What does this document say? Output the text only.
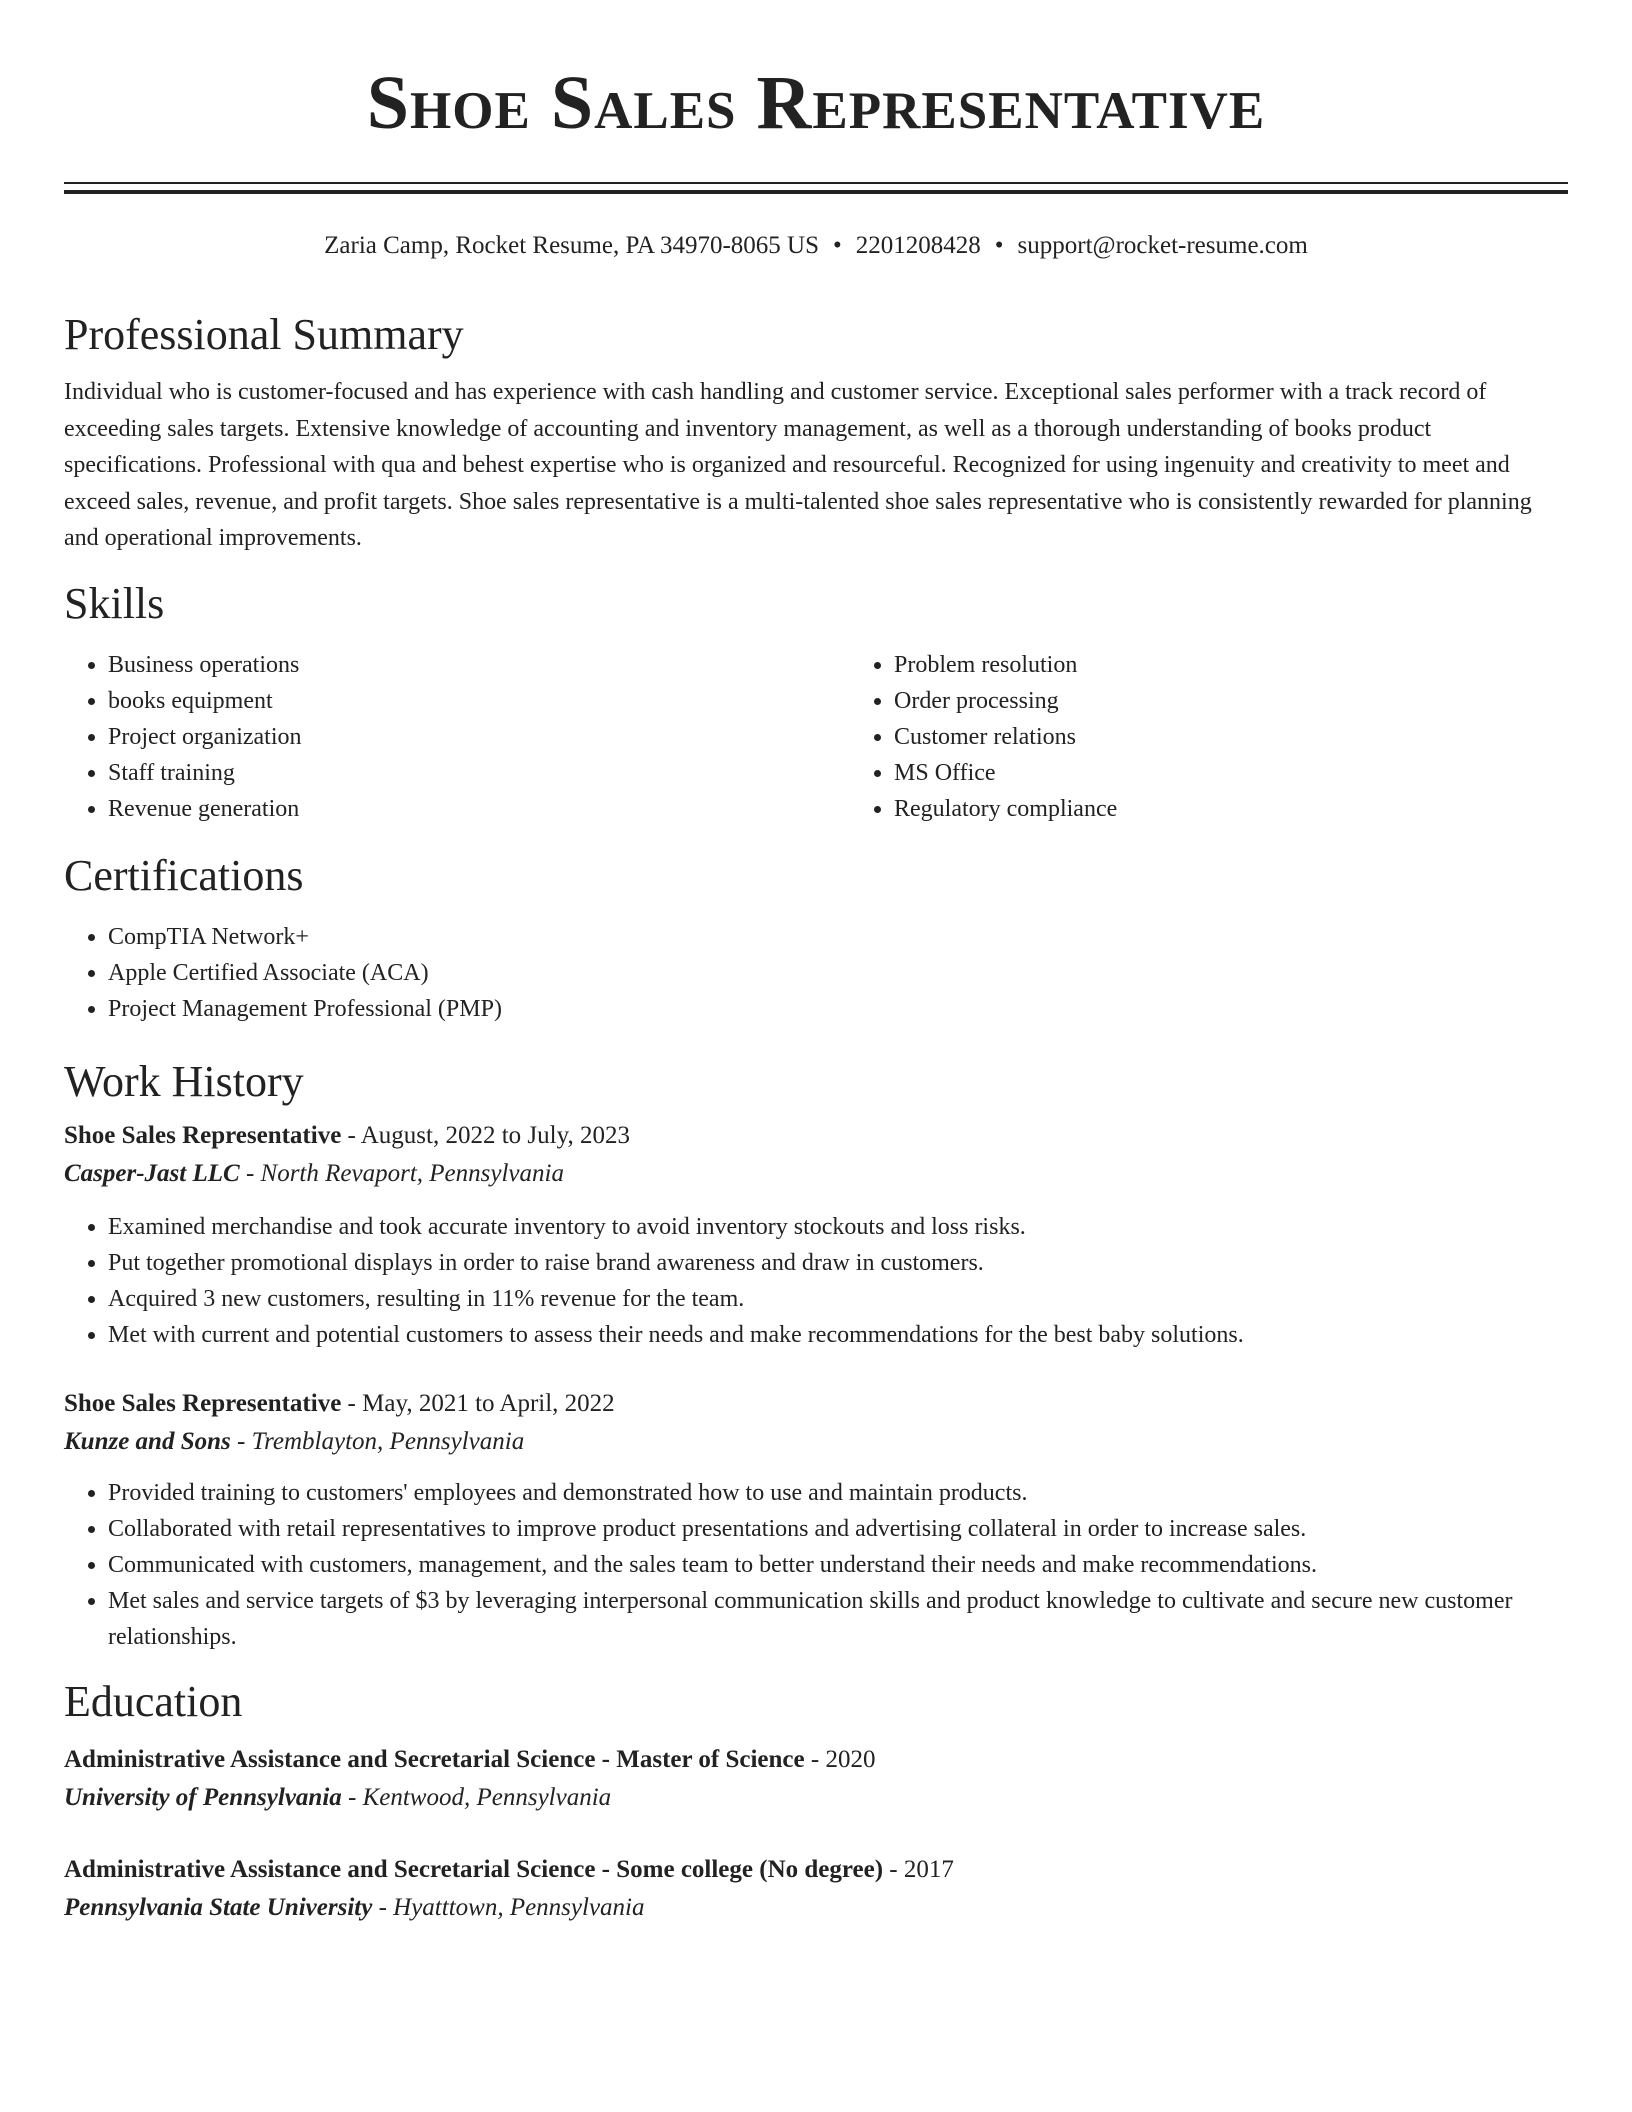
Shoe Sales Representative
Zaria Camp, Rocket Resume, PA 34970-8065 US • 2201208428 • support@rocket-resume.com
Professional Summary
Individual who is customer-focused and has experience with cash handling and customer service. Exceptional sales performer with a track record of exceeding sales targets. Extensive knowledge of accounting and inventory management, as well as a thorough understanding of books product specifications. Professional with qua and behest expertise who is organized and resourceful. Recognized for using ingenuity and creativity to meet and exceed sales, revenue, and profit targets. Shoe sales representative is a multi-talented shoe sales representative who is consistently rewarded for planning and operational improvements.
Skills
• Business operations
• books equipment
• Project organization
• Staff training
• Revenue generation
• Problem resolution
• Order processing
• Customer relations
• MS Office
• Regulatory compliance
Certifications
• CompTIA Network+
• Apple Certified Associate (ACA)
• Project Management Professional (PMP)
Work History
Shoe Sales Representative - August, 2022 to July, 2023
Casper-Jast LLC - North Revaport, Pennsylvania
• Examined merchandise and took accurate inventory to avoid inventory stockouts and loss risks.
• Put together promotional displays in order to raise brand awareness and draw in customers.
• Acquired 3 new customers, resulting in 11% revenue for the team.
• Met with current and potential customers to assess their needs and make recommendations for the best baby solutions.
Shoe Sales Representative - May, 2021 to April, 2022
Kunze and Sons - Tremblayton, Pennsylvania
• Provided training to customers' employees and demonstrated how to use and maintain products.
• Collaborated with retail representatives to improve product presentations and advertising collateral in order to increase sales.
• Communicated with customers, management, and the sales team to better understand their needs and make recommendations.
• Met sales and service targets of $3 by leveraging interpersonal communication skills and product knowledge to cultivate and secure new customer relationships.
Education
Administrative Assistance and Secretarial Science - Master of Science - 2020
University of Pennsylvania - Kentwood, Pennsylvania
Administrative Assistance and Secretarial Science - Some college (No degree) - 2017
Pennsylvania State University - Hyatttown, Pennsylvania
